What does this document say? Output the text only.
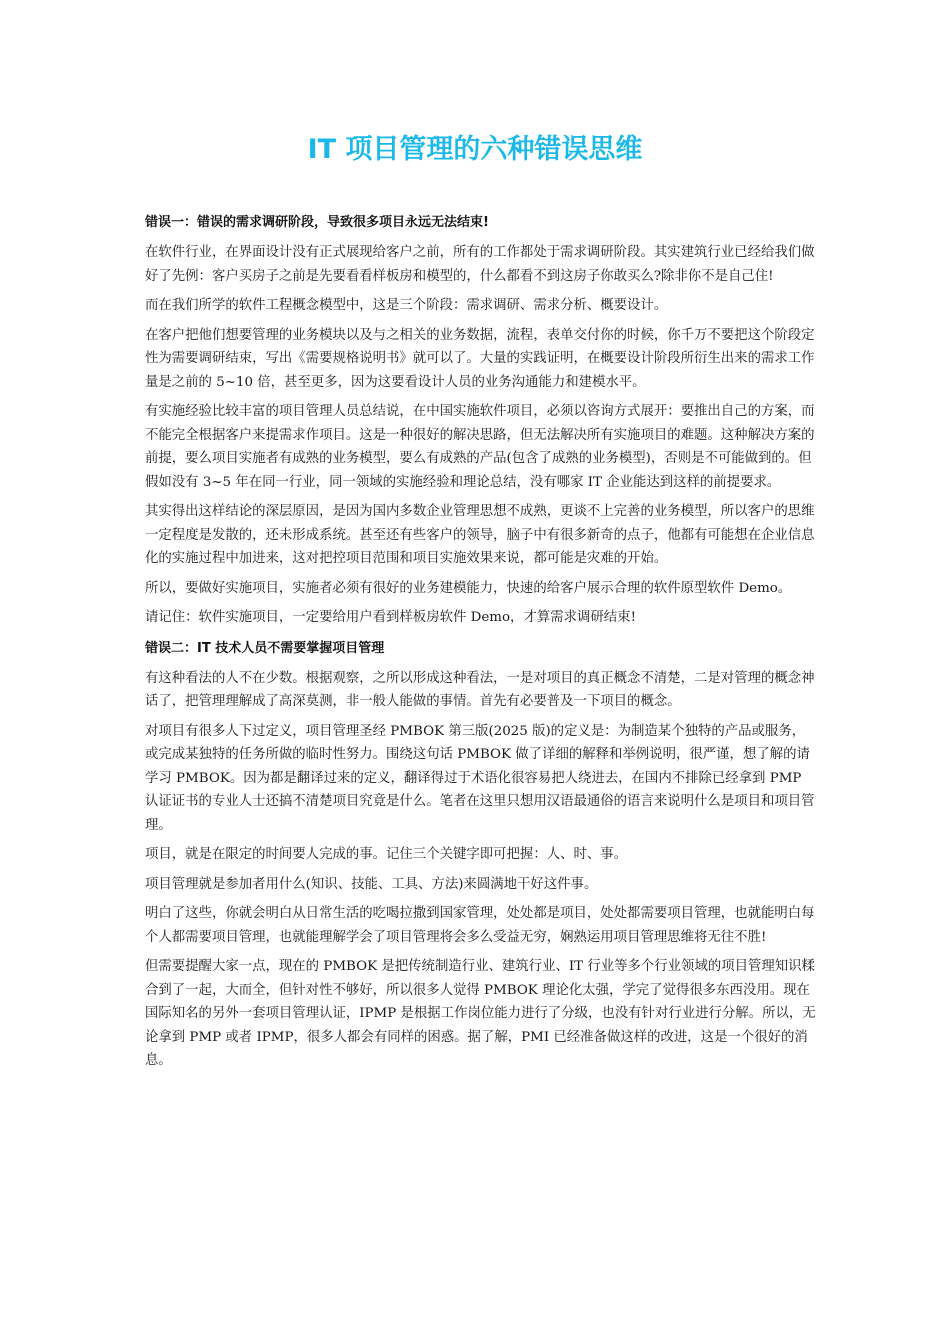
IT 项目管理的六种错误思维
错误一：错误的需求调研阶段，导致很多项目永远无法结束!

在软件行业，在界面设计没有正式展现给客户之前，所有的工作都处于需求调研阶段。其实建筑行业已经给我们做好了先例：客户买房子之前是先要看看样板房和模型的，什么都看不到这房子你敢买么?除非你不是自己住!

而在我们所学的软件工程概念模型中，这是三个阶段：需求调研、需求分析、概要设计。

在客户把他们想要管理的业务模块以及与之相关的业务数据，流程，表单交付你的时候，你千万不要把这个阶段定性为需要调研结束，写出《需要规格说明书》就可以了。大量的实践证明，在概要设计阶段所衍生出来的需求工作量是之前的 5~10 倍，甚至更多，因为这要看设计人员的业务沟通能力和建模水平。

有实施经验比较丰富的项目管理人员总结说，在中国实施软件项目，必须以咨询方式展开：要推出自己的方案，而不能完全根据客户来提需求作项目。这是一种很好的解决思路，但无法解决所有实施项目的难题。这种解决方案的前提，要么项目实施者有成熟的业务模型，要么有成熟的产品(包含了成熟的业务模型)，否则是不可能做到的。但假如没有 3~5 年在同一行业，同一领域的实施经验和理论总结，没有哪家 IT 企业能达到这样的前提要求。

其实得出这样结论的深层原因，是因为国内多数企业管理思想不成熟，更谈不上完善的业务模型，所以客户的思维一定程度是发散的，还未形成系统。甚至还有些客户的领导，脑子中有很多新奇的点子，他都有可能想在企业信息化的实施过程中加进来，这对把控项目范围和项目实施效果来说，都可能是灾难的开始。

所以，要做好实施项目，实施者必须有很好的业务建模能力，快速的给客户展示合理的软件原型软件 Demo。

请记住：软件实施项目，一定要给用户看到样板房软件 Demo，才算需求调研结束!

错误二：IT 技术人员不需要掌握项目管理

有这种看法的人不在少数。根据观察，之所以形成这种看法，一是对项目的真正概念不清楚，二是对管理的概念神话了，把管理理解成了高深莫测，非一般人能做的事情。首先有必要普及一下项目的概念。

对项目有很多人下过定义，项目管理圣经 PMBOK 第三版(2025 版)的定义是：为制造某个独特的产品或服务，或完成某独特的任务所做的临时性努力。围绕这句话 PMBOK 做了详细的解释和举例说明，很严谨，想了解的请学习 PMBOK。因为都是翻译过来的定义，翻译得过于术语化很容易把人绕进去，在国内不排除已经拿到 PMP 认证证书的专业人士还搞不清楚项目究竟是什么。笔者在这里只想用汉语最通俗的语言来说明什么是项目和项目管理。

项目，就是在限定的时间要人完成的事。记住三个关键字即可把握：人、时、事。

项目管理就是参加者用什么(知识、技能、工具、方法)来圆满地干好这件事。

明白了这些，你就会明白从日常生活的吃喝拉撒到国家管理，处处都是项目，处处都需要项目管理，也就能明白每个人都需要项目管理，也就能理解学会了项目管理将会多么受益无穷，娴熟运用项目管理思维将无往不胜!

但需要提醒大家一点，现在的 PMBOK 是把传统制造行业、建筑行业、IT 行业等多个行业领域的项目管理知识糅合到了一起，大而全，但针对性不够好，所以很多人觉得 PMBOK 理论化太强，学完了觉得很多东西没用。现在国际知名的另外一套项目管理认证，IPMP 是根据工作岗位能力进行了分级，也没有针对行业进行分解。所以，无论拿到 PMP 或者 IPMP，很多人都会有同样的困惑。据了解，PMI 已经准备做这样的改进，这是一个很好的消息。
